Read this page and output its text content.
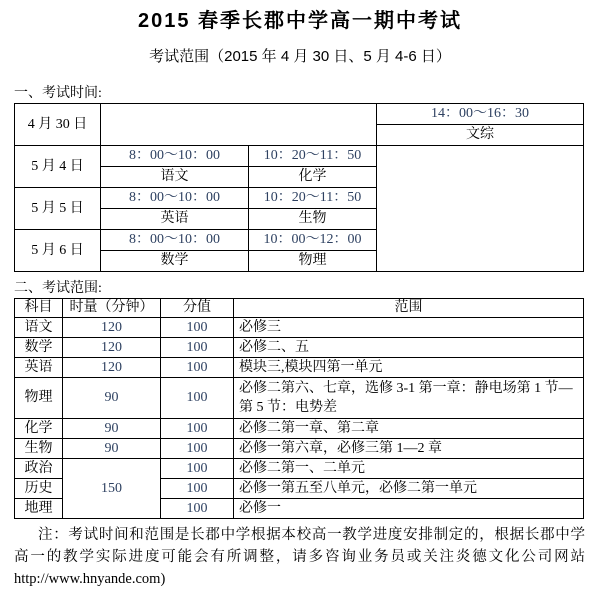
2015 春季长郡中学高一期中考试
考试范围（2015 年 4 月 30 日、5 月 4-6 日）
一、考试时间:
4 月 30 日			14：00～16：30
			文综
5 月 4 日	8：00～10：00	10：20～11：50	
	语文	化学	
5 月 5 日	8：00～10：00	10：20～11：50	
	英语	生物	
5 月 6 日	8：00～10：00	10：00～12：00	
	数学	物理	
二、考试范围:
科目	时量（分钟）	分值	范围
语文	120	100	必修三
数学	120	100	必修二、五
英语	120	100	模块三,模块四第一单元
物理	90	100	必修二第六、七章，选修 3-1 第一章：静电场第 1 节—第 5 节：电势差
化学	90	100	必修二第一章、第二章
生物	90	100	必修一第六章，必修三第 1—2 章
政治	150	100	必修二第一、二单元
历史		100	必修一第五至八单元，必修二第一单元
地理		100	必修一
注：考试时间和范围是长郡中学根据本校高一教学进度安排制定的，根据长郡中学
高一的教学实际进度可能会有所调整，请多咨询业务员或关注炎德文化公司网站
http://www.hnyande.com)
